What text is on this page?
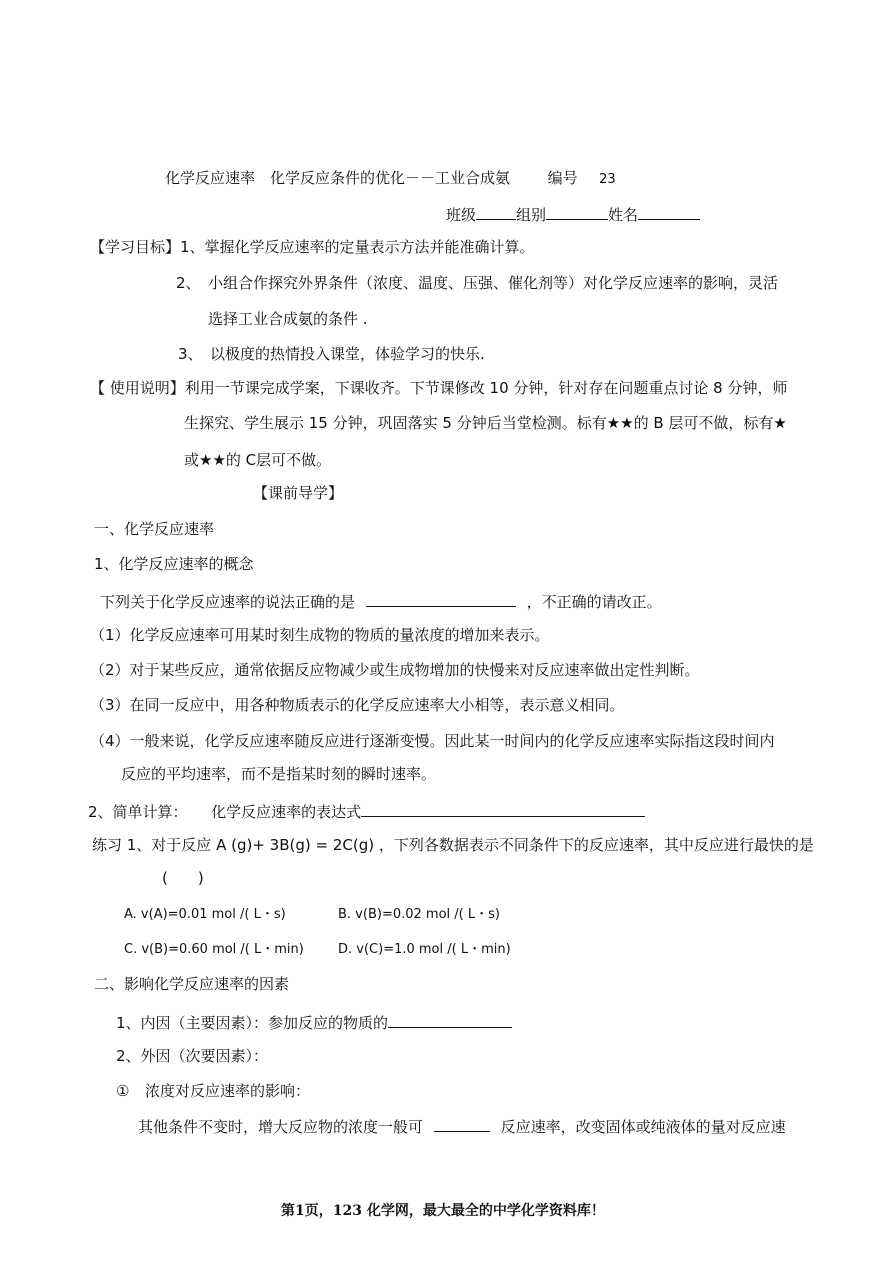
化学反应速率　化学反应条件的优化－－工业合成氨	编号 23
班级	组别	姓名
【学习目标】1、掌握化学反应速率的定量表示方法并能准确计算。
2、　小组合作探究外界条件（浓度、温度、压强、催化剂等）对化学反应速率的影响，灵活
选择工业合成氨的条件 .
3、　以极度的热情投入课堂，体验学习的快乐.
【 使用说明】利用一节课完成学案，下课收齐。下节课修改 10 分钟，针对存在问题重点讨论 8 分钟，师
生探究、学生展示 15 分钟，巩固落实 5 分钟后当堂检测。标有★★的 B 层可不做，标有★
或★★的 C层可不做。
【课前导学】
一、化学反应速率
1、化学反应速率的概念
下列关于化学反应速率的说法正确的是	，不正确的请改正。
（1）化学反应速率可用某时刻生成物的物质的量浓度的增加来表示。
（2）对于某些反应，通常依据反应物减少或生成物增加的快慢来对反应速率做出定性判断。
（3）在同一反应中，用各种物质表示的化学反应速率大小相等，表示意义相同。
（4）一般来说，化学反应速率随反应进行逐渐变慢。因此某一时间内的化学反应速率实际指这段时间内
反应的平均速率，而不是指某时刻的瞬时速率。
2、简单计算： 化学反应速率的表达式
练习 1、对于反应 A (g)+ 3B(g) = 2C(g) ，下列各数据表示不同条件下的反应速率，其中反应进行最快的是
(　　)
A. v(A)=0.01 mol /( L・s)	B. v(B)=0.02 mol /( L・s)
C. v(B)=0.60 mol /( L・min)	D. v(C)=1.0 mol /( L・min)
二、影响化学反应速率的因素
1、内因（主要因素）：参加反应的物质的
2、外因（次要因素）：
① 浓度对反应速率的影响：
其他条件不变时，增大反应物的浓度一般可	反应速率，改变固体或纯液体的量对反应速
第1页，123 化学网，最大最全的中学化学资料库！
